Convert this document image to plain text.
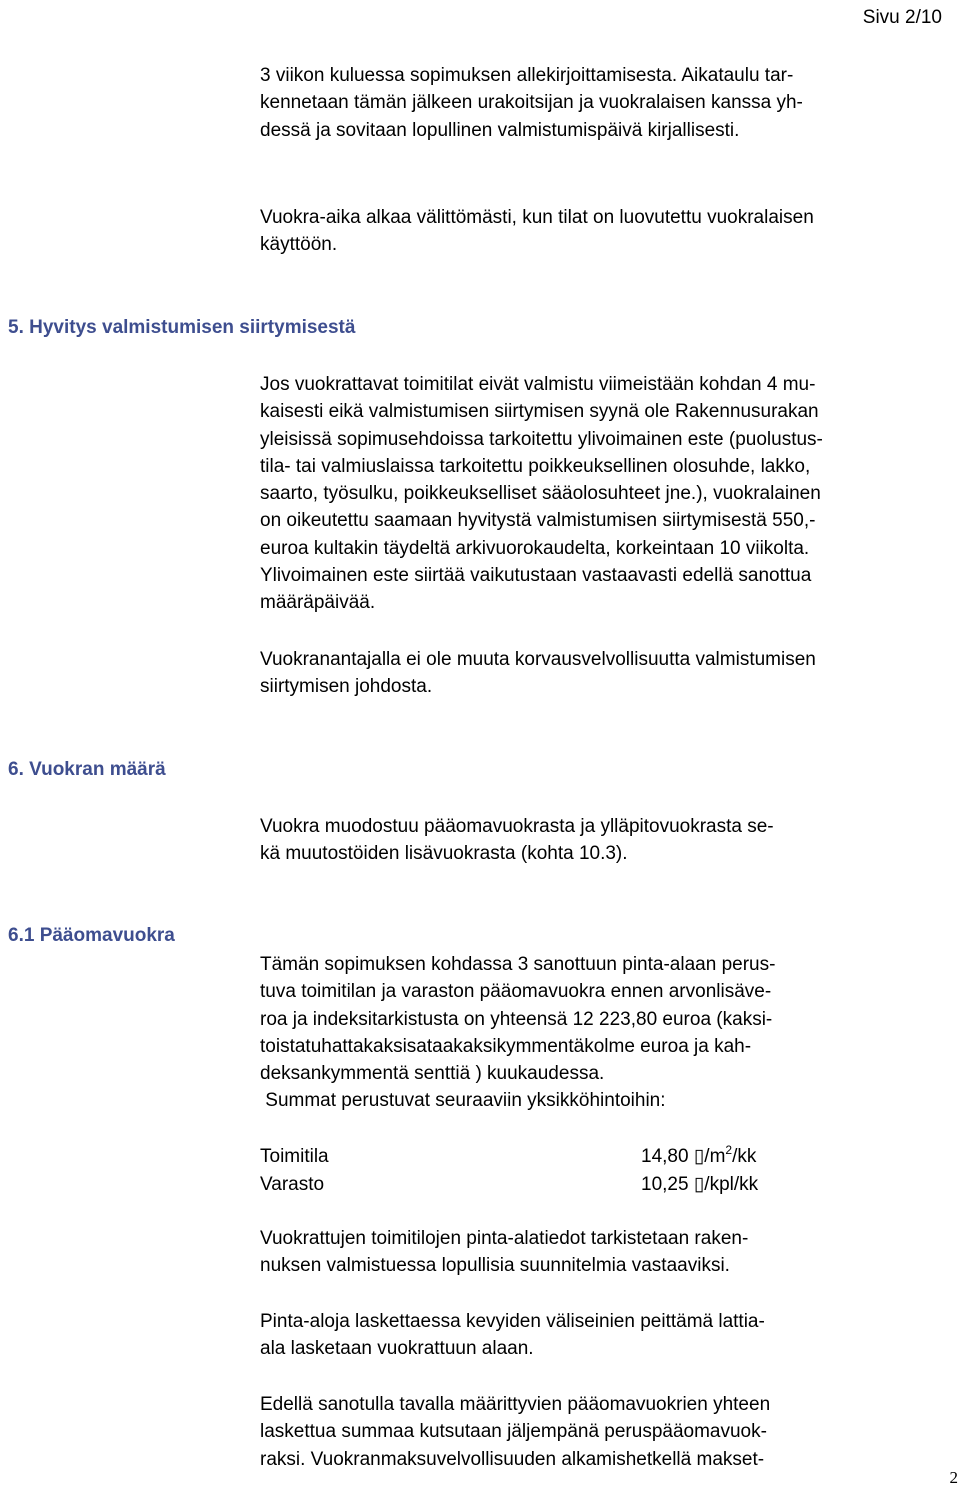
Sivu 2/10
3 viikon kuluessa sopimuksen allekirjoittamisesta. Aikataulu tar-
kennetaan tämän jälkeen urakoitsijan ja vuokralaisen kanssa yh-
dessä ja sovitaan lopullinen valmistumispäivä kirjallisesti.
Vuokra-aika alkaa välittömästi, kun tilat on luovutettu vuokralaisen
käyttöön.
5. Hyvitys valmistumisen siirtymisestä
Jos vuokrattavat toimitilat eivät valmistu viimeistään kohdan 4 mu-
kaisesti eikä valmistumisen siirtymisen syynä ole Rakennusurakan
yleisissä sopimusehdoissa tarkoitettu ylivoimainen este (puolustus-
tila- tai valmiuslaissa tarkoitettu poikkeuksellinen olosuhde, lakko,
saarto, työsulku, poikkeukselliset sääolosuhteet jne.), vuokralainen
on oikeutettu saamaan hyvitystä valmistumisen siirtymisestä 550,-
euroa kultakin täydeltä arkivuorokaudelta, korkeintaan 10 viikolta.
Ylivoimainen este siirtää vaikutustaan vastaavasti edellä sanottua
määräpäivää.
Vuokranantajalla ei ole muuta korvausvelvollisuutta valmistumisen
siirtymisen johdosta.
6. Vuokran määrä
Vuokra muodostuu pääomavuokrasta ja ylläpitovuokrasta se-
kä muutostöiden lisävuokrasta (kohta 10.3).
6.1 Pääomavuokra
Tämän sopimuksen kohdassa 3 sanottuun pinta-alaan perus-
tuva toimitilan ja varaston pääomavuokra ennen arvonlisäve-
roa ja indeksitarkistusta on yhteensä 12 223,80 euroa (kaksi-
toistatuhattakaksisataakaksikymmentäkolme euroa ja kah-
deksankymmentä senttiä ) kuukaudessa.
Summat perustuvat seuraaviin yksikköhintoihin:
Toimitila	14,80 $▯/m^2/kk$
Varasto	10,25 ▯/kpl/kk
Vuokrattujen toimitilojen pinta-alatiedot tarkistetaan raken-
nuksen valmistuessa lopullisia suunnitelmia vastaaviksi.
Pinta-aloja laskettaessa kevyiden väliseinien peittämä lattia-
ala lasketaan vuokrattuun alaan.
Edellä sanotulla tavalla määrittyvien pääomavuokrien yhteen
laskettua summaa kutsutaan jäljempänä peruspääomavuok-
raksi. Vuokranmaksuvelvollisuuden alkamishetkellä makset-
2
